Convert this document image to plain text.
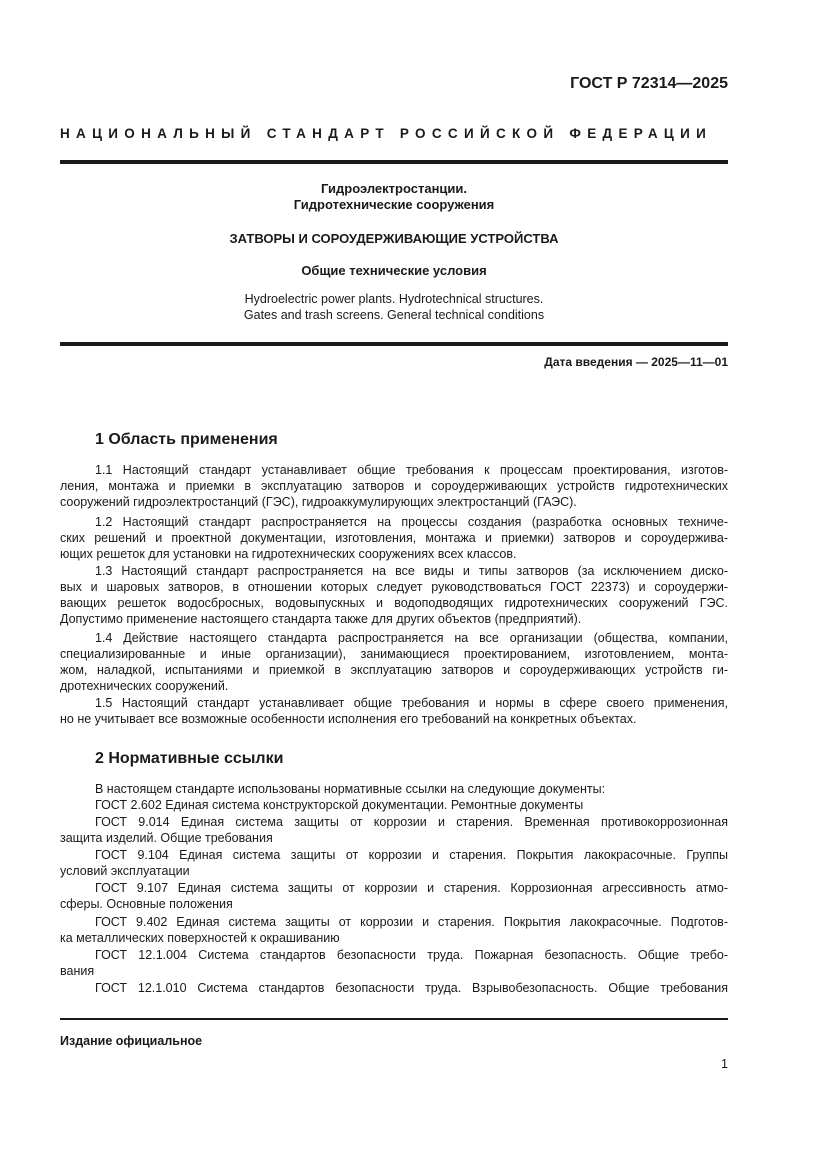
ГОСТ Р 72314—2025
НАЦИОНАЛЬНЫЙ СТАНДАРТ РОССИЙСКОЙ ФЕДЕРАЦИИ
Гидроэлектростанции.
Гидротехнические сооружения
ЗАТВОРЫ И СОРОУДЕРЖИВАЮЩИЕ УСТРОЙСТВА
Общие технические условия
Hydroelectric power plants. Hydrotechnical structures.
Gates and trash screens. General technical conditions
Дата введения — 2025—11—01
1 Область применения
1.1 Настоящий стандарт устанавливает общие требования к процессам проектирования, изготов-
ления, монтажа и приемки в эксплуатацию затворов и сороудерживающих устройств гидротехнических
сооружений гидроэлектростанций (ГЭС), гидроаккумулирующих электростанций (ГАЭС).
1.2 Настоящий стандарт распространяется на процессы создания (разработка основных техниче-
ских решений и проектной документации, изготовления, монтажа и приемки) затворов и сороудержива-
ющих решеток для установки на гидротехнических сооружениях всех классов.
1.3 Настоящий стандарт распространяется на все виды и типы затворов (за исключением диско-
вых и шаровых затворов, в отношении которых следует руководствоваться ГОСТ 22373) и сороудержи-
вающих решеток водосбросных, водовыпускных и водоподводящих гидротехнических сооружений ГЭС.
Допустимо применение настоящего стандарта также для других объектов (предприятий).
1.4 Действие настоящего стандарта распространяется на все организации (общества, компании,
специализированные и иные организации), занимающиеся проектированием, изготовлением, монта-
жом, наладкой, испытаниями и приемкой в эксплуатацию затворов и сороудерживающих устройств ги-
дротехнических сооружений.
1.5 Настоящий стандарт устанавливает общие требования и нормы в сфере своего применения,
но не учитывает все возможные особенности исполнения его требований на конкретных объектах.
2 Нормативные ссылки
В настоящем стандарте использованы нормативные ссылки на следующие документы:
ГОСТ 2.602 Единая система конструкторской документации. Ремонтные документы
ГОСТ 9.014 Единая система защиты от коррозии и старения. Временная противокоррозионная
защита изделий. Общие требования
ГОСТ 9.104 Единая система защиты от коррозии и старения. Покрытия лакокрасочные. Группы
условий эксплуатации
ГОСТ 9.107 Единая система защиты от коррозии и старения. Коррозионная агрессивность атмо-
сферы. Основные положения
ГОСТ 9.402 Единая система защиты от коррозии и старения. Покрытия лакокрасочные. Подготов-
ка металлических поверхностей к окрашиванию
ГОСТ 12.1.004 Система стандартов безопасности труда. Пожарная безопасность. Общие требо-
вания
ГОСТ 12.1.010 Система стандартов безопасности труда. Взрывобезопасность. Общие требования
Издание официальное
1
